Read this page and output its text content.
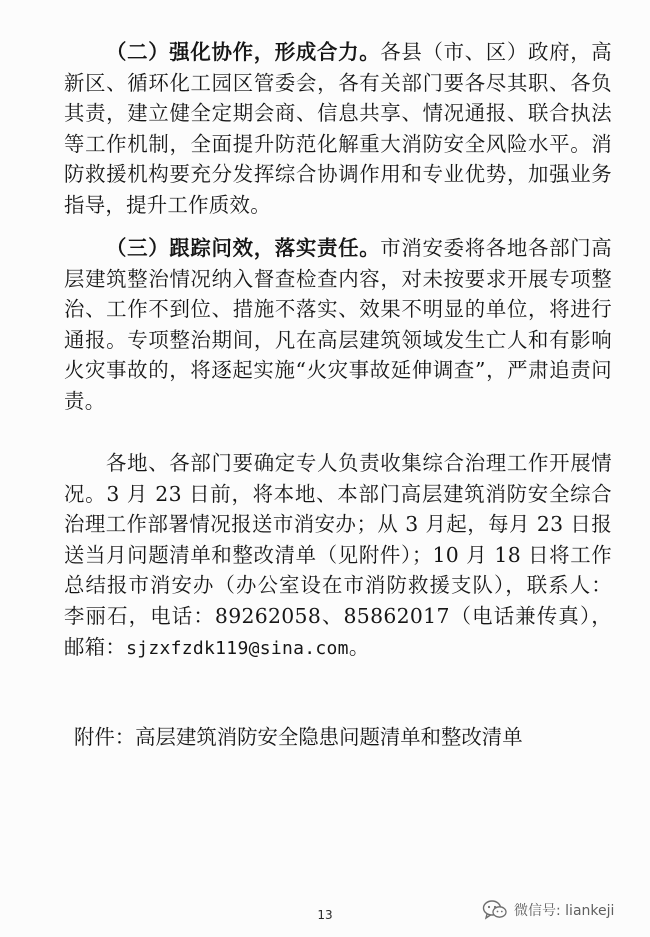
（二）强化协作，形成合力。各县（市、区）政府，高新区、循环化工园区管委会，各有关部门要各尽其职、各负其责，建立健全定期会商、信息共享、情况通报、联合执法等工作机制，全面提升防范化解重大消防安全风险水平。消防救援机构要充分发挥综合协调作用和专业优势，加强业务指导，提升工作质效。

（三）跟踪问效，落实责任。市消安委将各地各部门高层建筑整治情况纳入督查检查内容，对未按要求开展专项整治、工作不到位、措施不落实、效果不明显的单位，将进行通报。专项整治期间，凡在高层建筑领域发生亡人和有影响火灾事故的，将逐起实施“火灾事故延伸调查”，严肃追责问责。

各地、各部门要确定专人负责收集综合治理工作开展情况。3 月 23 日前，将本地、本部门高层建筑消防安全综合治理工作部署情况报送市消安办；从 3 月起，每月 23 日报送当月问题清单和整改清单（见附件）；10 月 18 日将工作总结报市消安办（办公室设在市消防救援支队），联系人：李丽石，电话：89262058、85862017（电话兼传真），邮箱：sjzxfzdk119@sina.com。

附件：高层建筑消防安全隐患问题清单和整改清单

13	微信号: liankeji
